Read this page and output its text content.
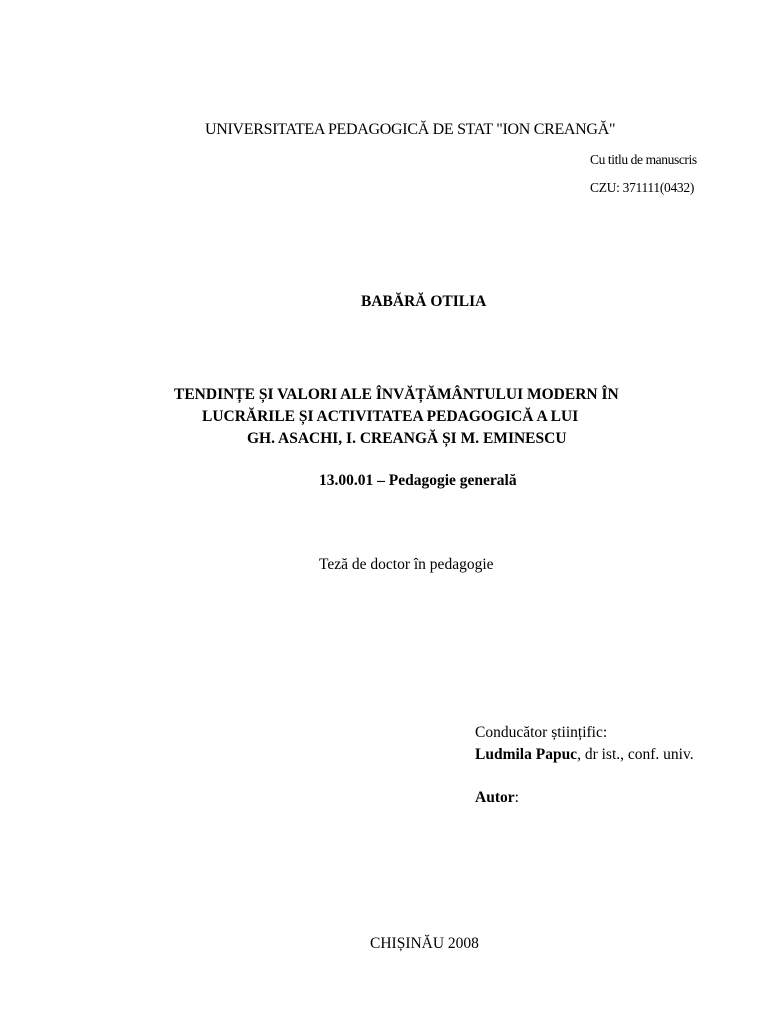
UNIVERSITATEA PEDAGOGICĂ DE STAT "ION CREANGĂ"
Cu titlu de manuscris
CZU: 371111(0432)
BABĂRĂ OTILIA
TENDINȚE ȘI VALORI ALE ÎNVĂȚĂMÂNTULUI MODERN ÎN
LUCRĂRILE ȘI ACTIVITATEA PEDAGOGICĂ A LUI
GH. ASACHI, I. CREANGĂ ȘI M. EMINESCU
13.00.01 – Pedagogie generală
Teză de doctor în pedagogie
Conducător științific:
Ludmila Papuc, dr ist., conf. univ.
Autor:
CHIȘINĂU 2008
